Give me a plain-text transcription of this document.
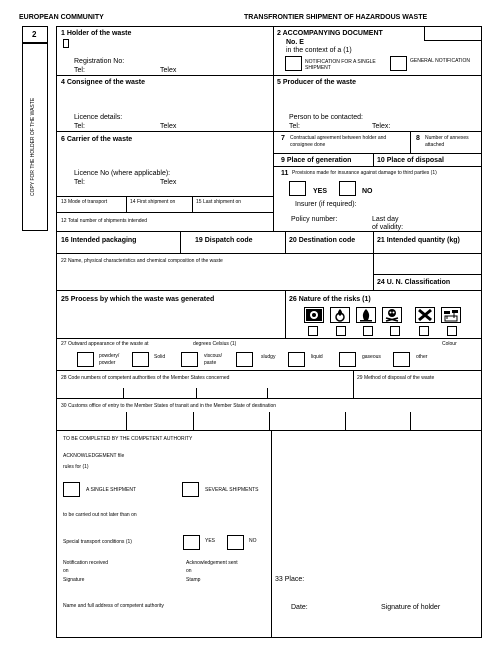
EUROPEAN COMMUNITY	TRANSFRONTIER SHIPMENT OF HAZARDOUS WASTE
2
COPY FOR THE HOLDER OF THE WASTE
1 Holder of the waste
Registration No:
Tel:	Telex
2 ACCOMPANYING DOCUMENT
No. E
in the context of a (1)
NOTIFICATION FOR A SINGLE SHIPMENT
GENERAL NOTIFICATION
4 Consignee of the waste
Licence details:
Tel:	Telex
5 Producer of the waste
Person to be contacted:
Tel:	Telex:
6 Carrier of the waste
Licence No (where applicable):
Tel:	Telex
7 Contractual agreement between holder and consignee done
8 Number of annexes attached
9 Place of generation	10 Place of disposal
11 Provisions made for insurance against damage to third parties (1)
YES	NO
Insurer (if required):
Policy number:	Last day
of validity:
13 Mode of transport	14 First shipment on	15 Last shipment on
12 Total number of shipments intended
16 Intended packaging	19 Dispatch code	20 Destination code	21 Intended quantity (kg)
22 Name, physical characteristics and chemical composition of the waste
24 U. N. Classification
25 Process by which the waste was generated	26 Nature of the risks (1)
27 Outward appearance of the waste at	degrees Celsius (1)	Colour
powdery/ powder
Solid	viscous/ paste
sludgy	liquid	gaseous	other
28 Code numbers of competent authorities of the Member States concerned	29 Method of disposal of the waste
30 Customs office of entry to the Member States of transit and in the Member State of destination
TO BE COMPLETED BY THE COMPETENT AUTHORITY
ACKNOWLEDGEMENT file
rules for (1)
A SINGLE SHIPMENT	SEVERAL SHIPMENTS
to be carried out not later than on
Special transport conditions (1)	YES	NO
Notification received
on
Signature
Acknowledgement sent
on
Stamp
Name and full address of competent authority
33 Place:
Date:	Signature of holder
